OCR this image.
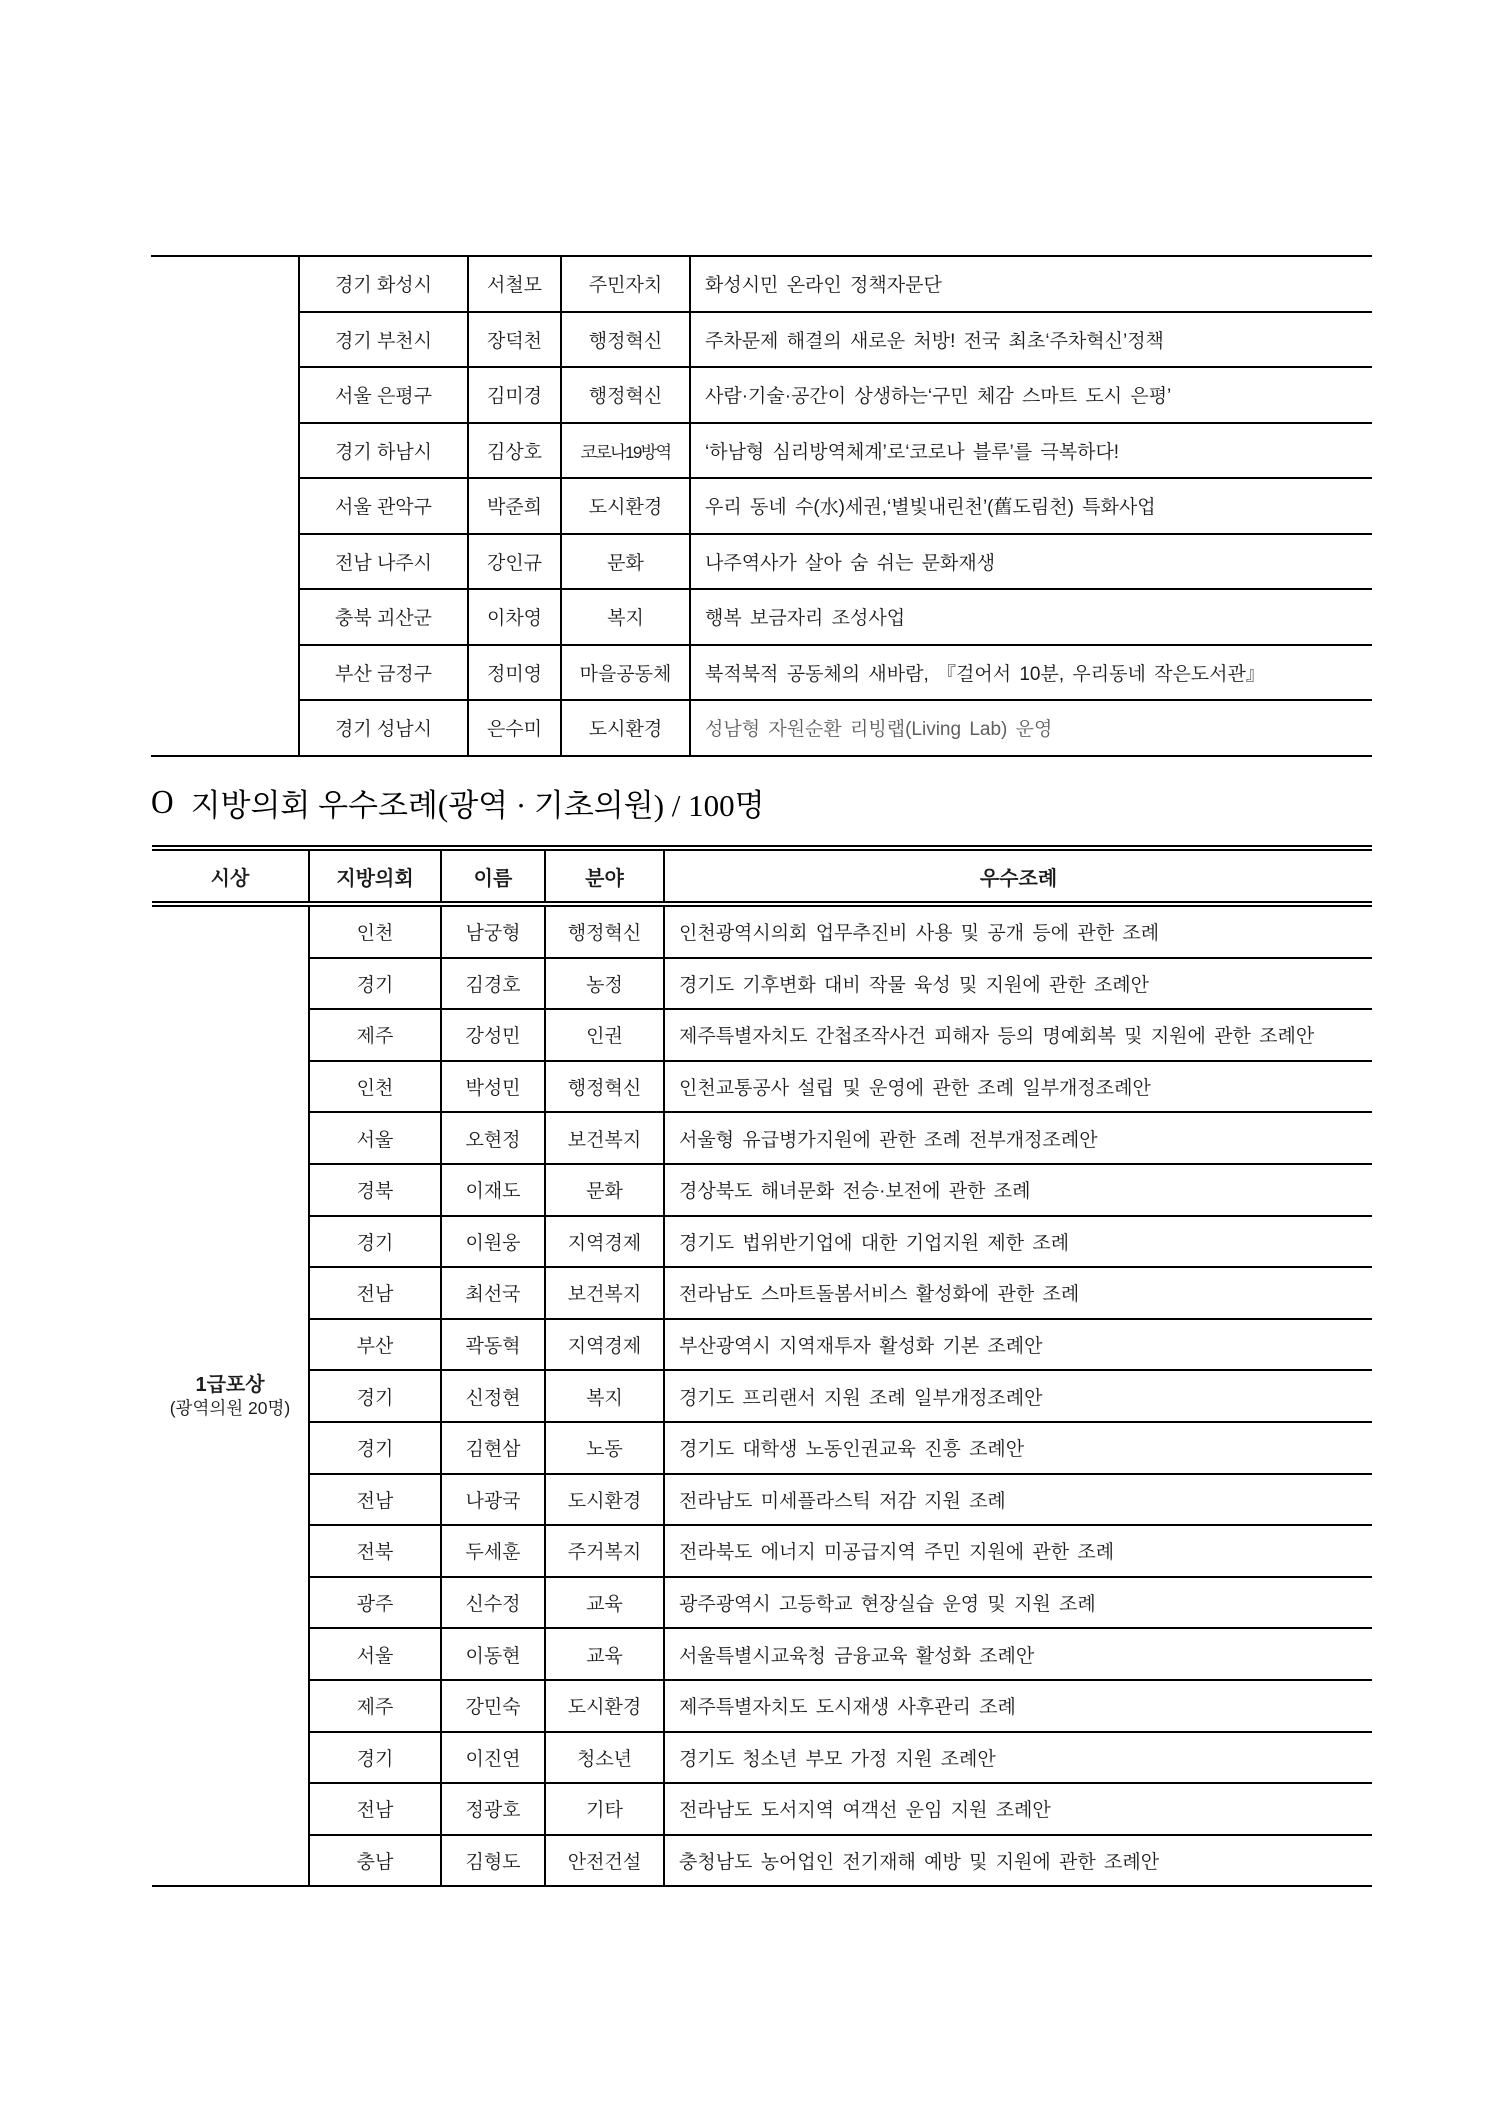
	경기 화성시	서철모	주민자치	화성시민 온라인 정책자문단
	경기 부천시	장덕천	행정혁신	주차문제 해결의 새로운 처방! 전국 최초‘주차혁신’정책
	서울 은평구	김미경	행정혁신	사람·기술·공간이 상생하는‘구민 체감 스마트 도시 은평’
	경기 하남시	김상호	코로나19방역	‘하남형 심리방역체계’로‘코로나 블루’를 극복하다!
	서울 관악구	박준희	도시환경	우리 동네 수(水)세권,‘별빛내린천’(舊도림천) 특화사업
	전남 나주시	강인규	문화	나주역사가 살아 숨 쉬는 문화재생
	충북 괴산군	이차영	복지	행복 보금자리 조성사업
	부산 금정구	정미영	마을공동체	북적북적 공동체의 새바람, 『걸어서 10분, 우리동네 작은도서관』
	경기 성남시	은수미	도시환경	성남형 자원순환 리빙랩(Living Lab) 운영
O 지방의회 우수조례(광역 · 기초의원) / 100명
시상	지방의회	이름	분야	우수조례

1급포상
(광역의원 20명)	인천	남궁형	행정혁신	인천광역시의회 업무추진비 사용 및 공개 등에 관한 조례
	경기	김경호	농정	경기도 기후변화 대비 작물 육성 및 지원에 관한 조례안
	제주	강성민	인권	제주특별자치도 간첩조작사건 피해자 등의 명예회복 및 지원에 관한 조례안
	인천	박성민	행정혁신	인천교통공사 설립 및 운영에 관한 조례 일부개정조례안
	서울	오현정	보건복지	서울형 유급병가지원에 관한 조례 전부개정조례안
	경북	이재도	문화	경상북도 해녀문화 전승·보전에 관한 조례
	경기	이원웅	지역경제	경기도 법위반기업에 대한 기업지원 제한 조례
	전남	최선국	보건복지	전라남도 스마트돌봄서비스 활성화에 관한 조례
	부산	곽동혁	지역경제	부산광역시 지역재투자 활성화 기본 조례안
	경기	신정현	복지	경기도 프리랜서 지원 조례 일부개정조례안
	경기	김현삼	노동	경기도 대학생 노동인권교육 진흥 조례안
	전남	나광국	도시환경	전라남도 미세플라스틱 저감 지원 조례
	전북	두세훈	주거복지	전라북도 에너지 미공급지역 주민 지원에 관한 조례
	광주	신수정	교육	광주광역시 고등학교 현장실습 운영 및 지원 조례
	서울	이동현	교육	서울특별시교육청 금융교육 활성화 조례안
	제주	강민숙	도시환경	제주특별자치도 도시재생 사후관리 조례
	경기	이진연	청소년	경기도 청소년 부모 가정 지원 조례안
	전남	정광호	기타	전라남도 도서지역 여객선 운임 지원 조례안
	충남	김형도	안전건설	충청남도 농어업인 전기재해 예방 및 지원에 관한 조례안
